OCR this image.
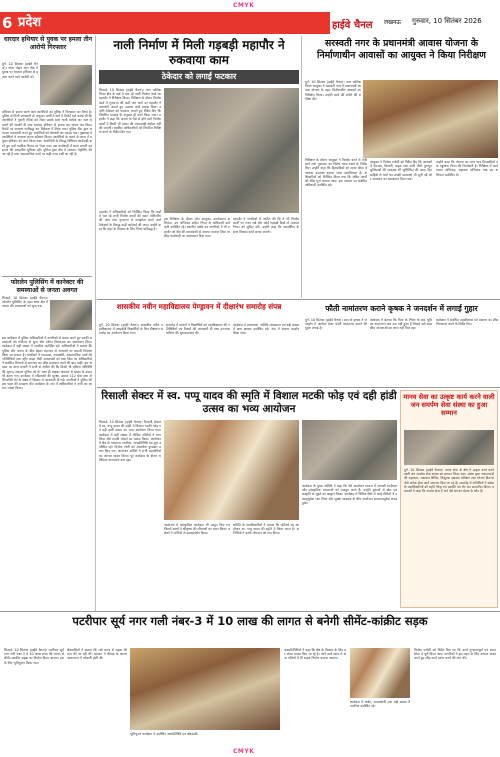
CMYK
CMYK
6 प्रदेश	हाईवे चैनल लखनऊ गुरुवार, 10 सितंबर 2026
धारदार हथियार से युवक पर हमला तीन आरोपी गिरफ्तार
दुर्ग. 10 सितंबर (हाईवे चैनल)। थाना मोहन नगर क्षेत्र में युवक पर धारदार हथियार से हमला करने वाले आरोपी को
हथियार से हमला करने वाले आरोपियों को पुलिस ने गिरफ्तार कर लिया है। पुलिस से मिली जानकारी के अनुसार प्रार्थी ने थाने में रिपोर्ट दर्ज कराई थी कि आरोपियों ने पुरानी रंजिश को लेकर उसके साथ गाली गलौज कर जान से मारने की धमकी दी तथा धारदार हथियार से हमला कर घायल कर दिया। रिपोर्ट पर अपराध पंजीबद्ध कर विवेचना में लिया गया। पुलिस टीम द्वारा लगातार पतासाजी करते हुए आरोपियों को घेराबंदी कर पकड़ा गया। पूछताछ में आरोपियों ने अपराध करना स्वीकार किया। आरोपियों के कब्जे से घटना में प्रयुक्त हथियार को जप्त किया गया। आरोपियों के विरुद्ध विधिवत कार्यवाही करते हुए उन्हें न्यायिक रिमांड पर भेजा गया। इस कार्यवाही में थाना प्रभारी एवं स्टाफ की सराहनीय भूमिका रही। पुलिस द्वारा क्षेत्र में लगातार पेट्रोलिंग की जा रही है तथा असामाजिक तत्वों पर कड़ी नजर रखी जा रही है।
फोरलेन पुलिसिंग में कानेक्टर की समस्याओं से जनता अवगत
भिलाई. 10 सितंबर (हाईवे चैनल)। फोरलेन पुलिसिंग के तहत थाना क्षेत्र में जनता की समस्याओं को सुना गया
इस कार्यक्रम में पुलिस अधिकारियों ने नागरिकों से संवाद करते हुए उनकी समस्याओं को गंभीरता से सुना और त्वरित निराकरण का आश्वासन दिया। कार्यक्रम में बड़ी संख्या में नागरिक उपस्थित रहे। अधिकारियों ने बताया कि पुलिस और जनता के बीच बेहतर समन्वय से अपराधों पर प्रभावी नियंत्रण किया जा सकता है। नागरिकों ने यातायात, नशाखोरी, असामाजिक तत्वों की गतिविधियों तथा स्ट्रीट लाइट जैसी समस्याओं को रखा जिस पर अधिकारियों ने संबंधित विभागों से समन्वय कर शीघ्र समाधान करने की बात कही। इस अवसर पर थाना प्रभारी ने सभी से अपील की कि किसी भी संदिग्ध गतिविधि की सूचना तत्काल पुलिस को दें। साथ ही साइबर अपराध से बचाव के उपाय भी बताए गए। कार्यक्रम में महिलाओं की सुरक्षा, डायल 112 सेवा तथा अभिव्यक्ति ऐप के संबंध में विस्तार से जानकारी दी गई। नागरिकों ने पुलिस की इस पहल की सराहना की। कार्यक्रम के अंत में अधिकारियों ने सभी का आभार व्यक्त किया।
नाली निर्माण में मिली गड़बड़ी महापौर ने रुकवाया काम
ठेकेदार को लगाई फटकार
भिलाई. 10 सितंबर (हाईवे चैनल)। नगर पालिक निगम क्षेत्र के वार्ड में चल रहे नाली निर्माण कार्य का महापौर ने निरीक्षण किया। निरीक्षण के दौरान निर्माण कार्य में गुणवत्ता की कमी पाए जाने पर महापौर ने नाराजगी जताते हुए तत्काल कार्य रुकवा दिया। उन्होंने ठेकेदार को फटकार लगाते हुए निर्देश दिए कि निर्धारित मापदंड के अनुसार ही कार्य किया जाए। महापौर ने कहा कि जनता के पैसे से होने वाले निर्माण कार्यों में किसी भी प्रकार की लापरवाही बर्दाश्त नहीं की जाएगी। संबंधित अधिकारियों को नियमित निरीक्षण करने के निर्देश दिए गए।
महापौर ने अधिकारियों को निर्देशित किया कि वार्डों में चल रहे सभी निर्माण कार्यों की सतत मॉनिटरिंग की जाए तथा गुणवत्ता से समझौता करने वाले ठेकेदारों के विरुद्ध कड़ी कार्रवाई की जाए। उन्होंने कहा कि शहर के विकास के लिए निगम प्रतिबद्ध है।
इस निरीक्षण के दौरान जोन आयुक्त, कार्यपालन अभियंता, उप अभियंता सहित निगम के अधिकारी कर्मचारी उपस्थित रहे। स्थानीय पार्षद एवं नागरिकों ने भी महापौर को क्षेत्र की समस्याओं से अवगत कराया जिस पर शीघ्र कार्यवाही का आश्वासन दिया गया।
महापौर ने नागरिकों से अपील की कि वे भी निर्माण कार्यों पर नजर रखें और कोई गड़बड़ी दिखे तो तत्काल निगम को सूचित करें। उन्होंने कहा कि पारदर्शिता के साथ विकास कार्य कराए जाएंगे।
सरस्वती नगर के प्रधानमंत्री आवास योजना के निर्माणाधीन आवासों का आयुक्त ने किया निरीक्षण
दुर्ग. 10 सितंबर (हाईवे चैनल)। नगर पालिक निगम आयुक्त ने सरस्वती नगर में प्रधानमंत्री आवास योजना के तहत निर्माणाधीन आवासों का निरीक्षण किया। उन्होंने कार्य की प्रगति की समीक्षा की।
निरीक्षण के दौरान आयुक्त ने निर्माण कार्य में तेजी लाने तथा गुणवत्ता का विशेष ध्यान रखने के निर्देश दिए। उन्होंने कहा कि हितग्राहियों को समय सीमा में आवास उपलब्ध कराया जाना प्राथमिकता है। अधिकारियों को निर्देशित किया गया कि लंबित कार्यों को शीघ्र पूर्ण कराया जाए। इस अवसर पर संबंधित अधिकारी उपस्थित रहे।
आयुक्त ने निर्माण एजेंसी को निर्देश दिए कि आवासों में पेयजल, बिजली, सड़क तथा नाली जैसी मूलभूत सुविधाओं की व्यवस्था भी सुनिश्चित की जाए। हितग्राहियों से चर्चा कर उनकी समस्याएं भी सुनी गईं और समाधान का आश्वासन दिया गया।
उन्होंने कहा कि योजना का लाभ पात्र हितग्राहियों तक पहुंचाना निगम की जिम्मेदारी है। निरीक्षण में कार्यपालन अभियंता, सहायक अभियंता तथा उप अभियंता उपस्थित थे।
शासकीय नवीन महाविद्यालय पेण्ड्रावन में दीक्षारंभ समारोह संपन्न
दुर्ग. 10 सितंबर (हाईवे चैनल)। शासकीय नवीन महाविद्यालय में नवप्रवेशी विद्यार्थियों के लिए दीक्षारंभ समारोह का आयोजन किया गया।
समारोह में प्राचार्य ने विद्यार्थियों को महाविद्यालय की गतिविधियों एवं नियमों की जानकारी दी तथा उज्ज्वल भविष्य की शुभकामनाएं दीं।
कार्यक्रम में प्राध्यापक, अतिथि व्याख्याता एवं बड़ी संख्या में छात्र छात्राएं उपस्थित रहे। अंत में आभार प्रदर्शन किया गया।
फौती नामांतरण कराने कृषक ने जनदर्शन में लगाई गुहार
दुर्ग. 10 सितंबर (हाईवे चैनल)। ग्राम के कृषक ने जनदर्शन में आवेदन देकर फौती नामांतरण कराने की गुहार लगाई है।
आवेदक ने बताया कि पिता के निधन के बाद भूमि का नामांतरण अब तक नहीं हुआ है जिससे उसे शासकीय योजनाओं का लाभ नहीं मिल रहा।
कलेक्टर ने संबंधित तहसीलदार को प्रकरण का शीघ्र निराकरण करने के निर्देश दिए।
रिसाली सेक्टर में स्व. पप्पू यादव की स्मृति में विशाल मटकी फोड़ एवं दही हांडी उत्सव का भव्य आयोजन
भिलाई. 10 सितंबर (हाईवे चैनल)। रिसाली सेक्टर में स्व. पप्पू यादव की स्मृति में विशाल मटकी फोड़ एवं दही हांडी उत्सव का भव्य आयोजन किया गया। कार्यक्रम में बड़ी संख्या में गोविंदा टोलियों ने भाग लिया और मटकी फोड़ने का प्रयास किया। आयोजन में क्षेत्र के गणमान्य नागरिक, जनप्रतिनिधि एवं युवा उपस्थित रहे। विजेता टोली को आकर्षक पुरस्कार प्रदान किए गए। आयोजन समिति ने सभी सहयोगियों का आभार व्यक्त किया। पूरे कार्यक्रम के दौरान भक्तिमय वातावरण बना रहा।
आयोजन में सांस्कृतिक कार्यक्रम भी प्रस्तुत किए गए जिसमें बच्चों ने श्रीकृष्ण की लीलाओं का मंचन किया। दर्शकों ने तालियों से उत्साहवर्धन किया।
समिति के पदाधिकारियों ने बताया कि प्रतिवर्ष यह आयोजन स्व. पप्पू यादव की स्मृति में किया जाता है। अतिथियों ने उनके योगदान को याद किया।
कार्यक्रम के मुख्य अतिथि ने कहा कि ऐसे आयोजन समाज में आपसी भाईचारा और सांस्कृतिक परंपराओं को मजबूत करते हैं। उन्होंने युवाओं से खेल एवं संस्कृति से जुड़ने का आह्वान किया। कार्यक्रम में विभिन्न क्षेत्रों से आई टोलियों ने उत्साहपूर्वक भाग लिया और सुरक्षा व्यवस्था के बीच आयोजन सफलतापूर्वक संपन्न हुआ।
मानव सेवा का उत्कृष्ट कार्य करने वाली जन समर्पण सेवा संस्था का हुआ सम्मान
दुर्ग. 10 सितंबर (हाईवे चैनल)। मानव सेवा के क्षेत्र में उत्कृष्ट कार्य करने वाली जन समर्पण सेवा संस्था का सम्मान किया गया। संस्था द्वारा जरूरतमंदों की सहायता, रक्तदान शिविर, निःशुल्क स्वास्थ्य परीक्षण तथा भोजन वितरण जैसे अनेक सेवा कार्य लगातार किए जा रहे हैं। समारोह में अतिथियों ने संस्था के पदाधिकारियों को स्मृति चिन्ह एवं प्रशस्ति पत्र भेंट कर सम्मानित किया। वक्ताओं ने कहा कि समाज सेवा में लगे ऐसे संगठन प्रेरणा के स्रोत हैं।
पटरीपार सूर्य नगर गली नंबर-3 में 10 लाख की लागत से बनेगी सीमेंट-कांक्रीट सड़क
भिलाई. 10 सितंबर (हाईवे चैनल)। पटरीपार सूर्य नगर गली नंबर-3 में 10 लाख रुपए की लागत से सीमेंट-कांक्रीट सड़क का निर्माण किया जाएगा। इसके लिए भूमिपूजन किया गया।
क्षेत्रवासियों ने बताया कि लंबे समय से सड़क की मांग की जा रही थी। बरसात में कीचड़ के कारण आवागमन में परेशानी होती थी।
भूमिपूजन कार्यक्रम में उपस्थित जनप्रतिनिधि एवं क्षेत्रवासी।
जनप्रतिनिधियों ने कहा कि क्षेत्र के विकास के लिए हर संभव प्रयास किए जा रहे हैं। आने वाले समय में अन्य गलियों में भी सड़क निर्माण कराया जाएगा।
कार्यक्रम में पार्षद, समाजसेवी तथा बड़ी संख्या में नागरिक उपस्थित रहे।
निर्माण एजेंसी को निर्देश दिए गए कि कार्य गुणवत्तापूर्ण एवं समय सीमा में पूर्ण किया जाए। नागरिकों ने इस पहल के लिए आभार व्यक्त करते हुए शीघ्र कार्य प्रारंभ करने की मांग की।
